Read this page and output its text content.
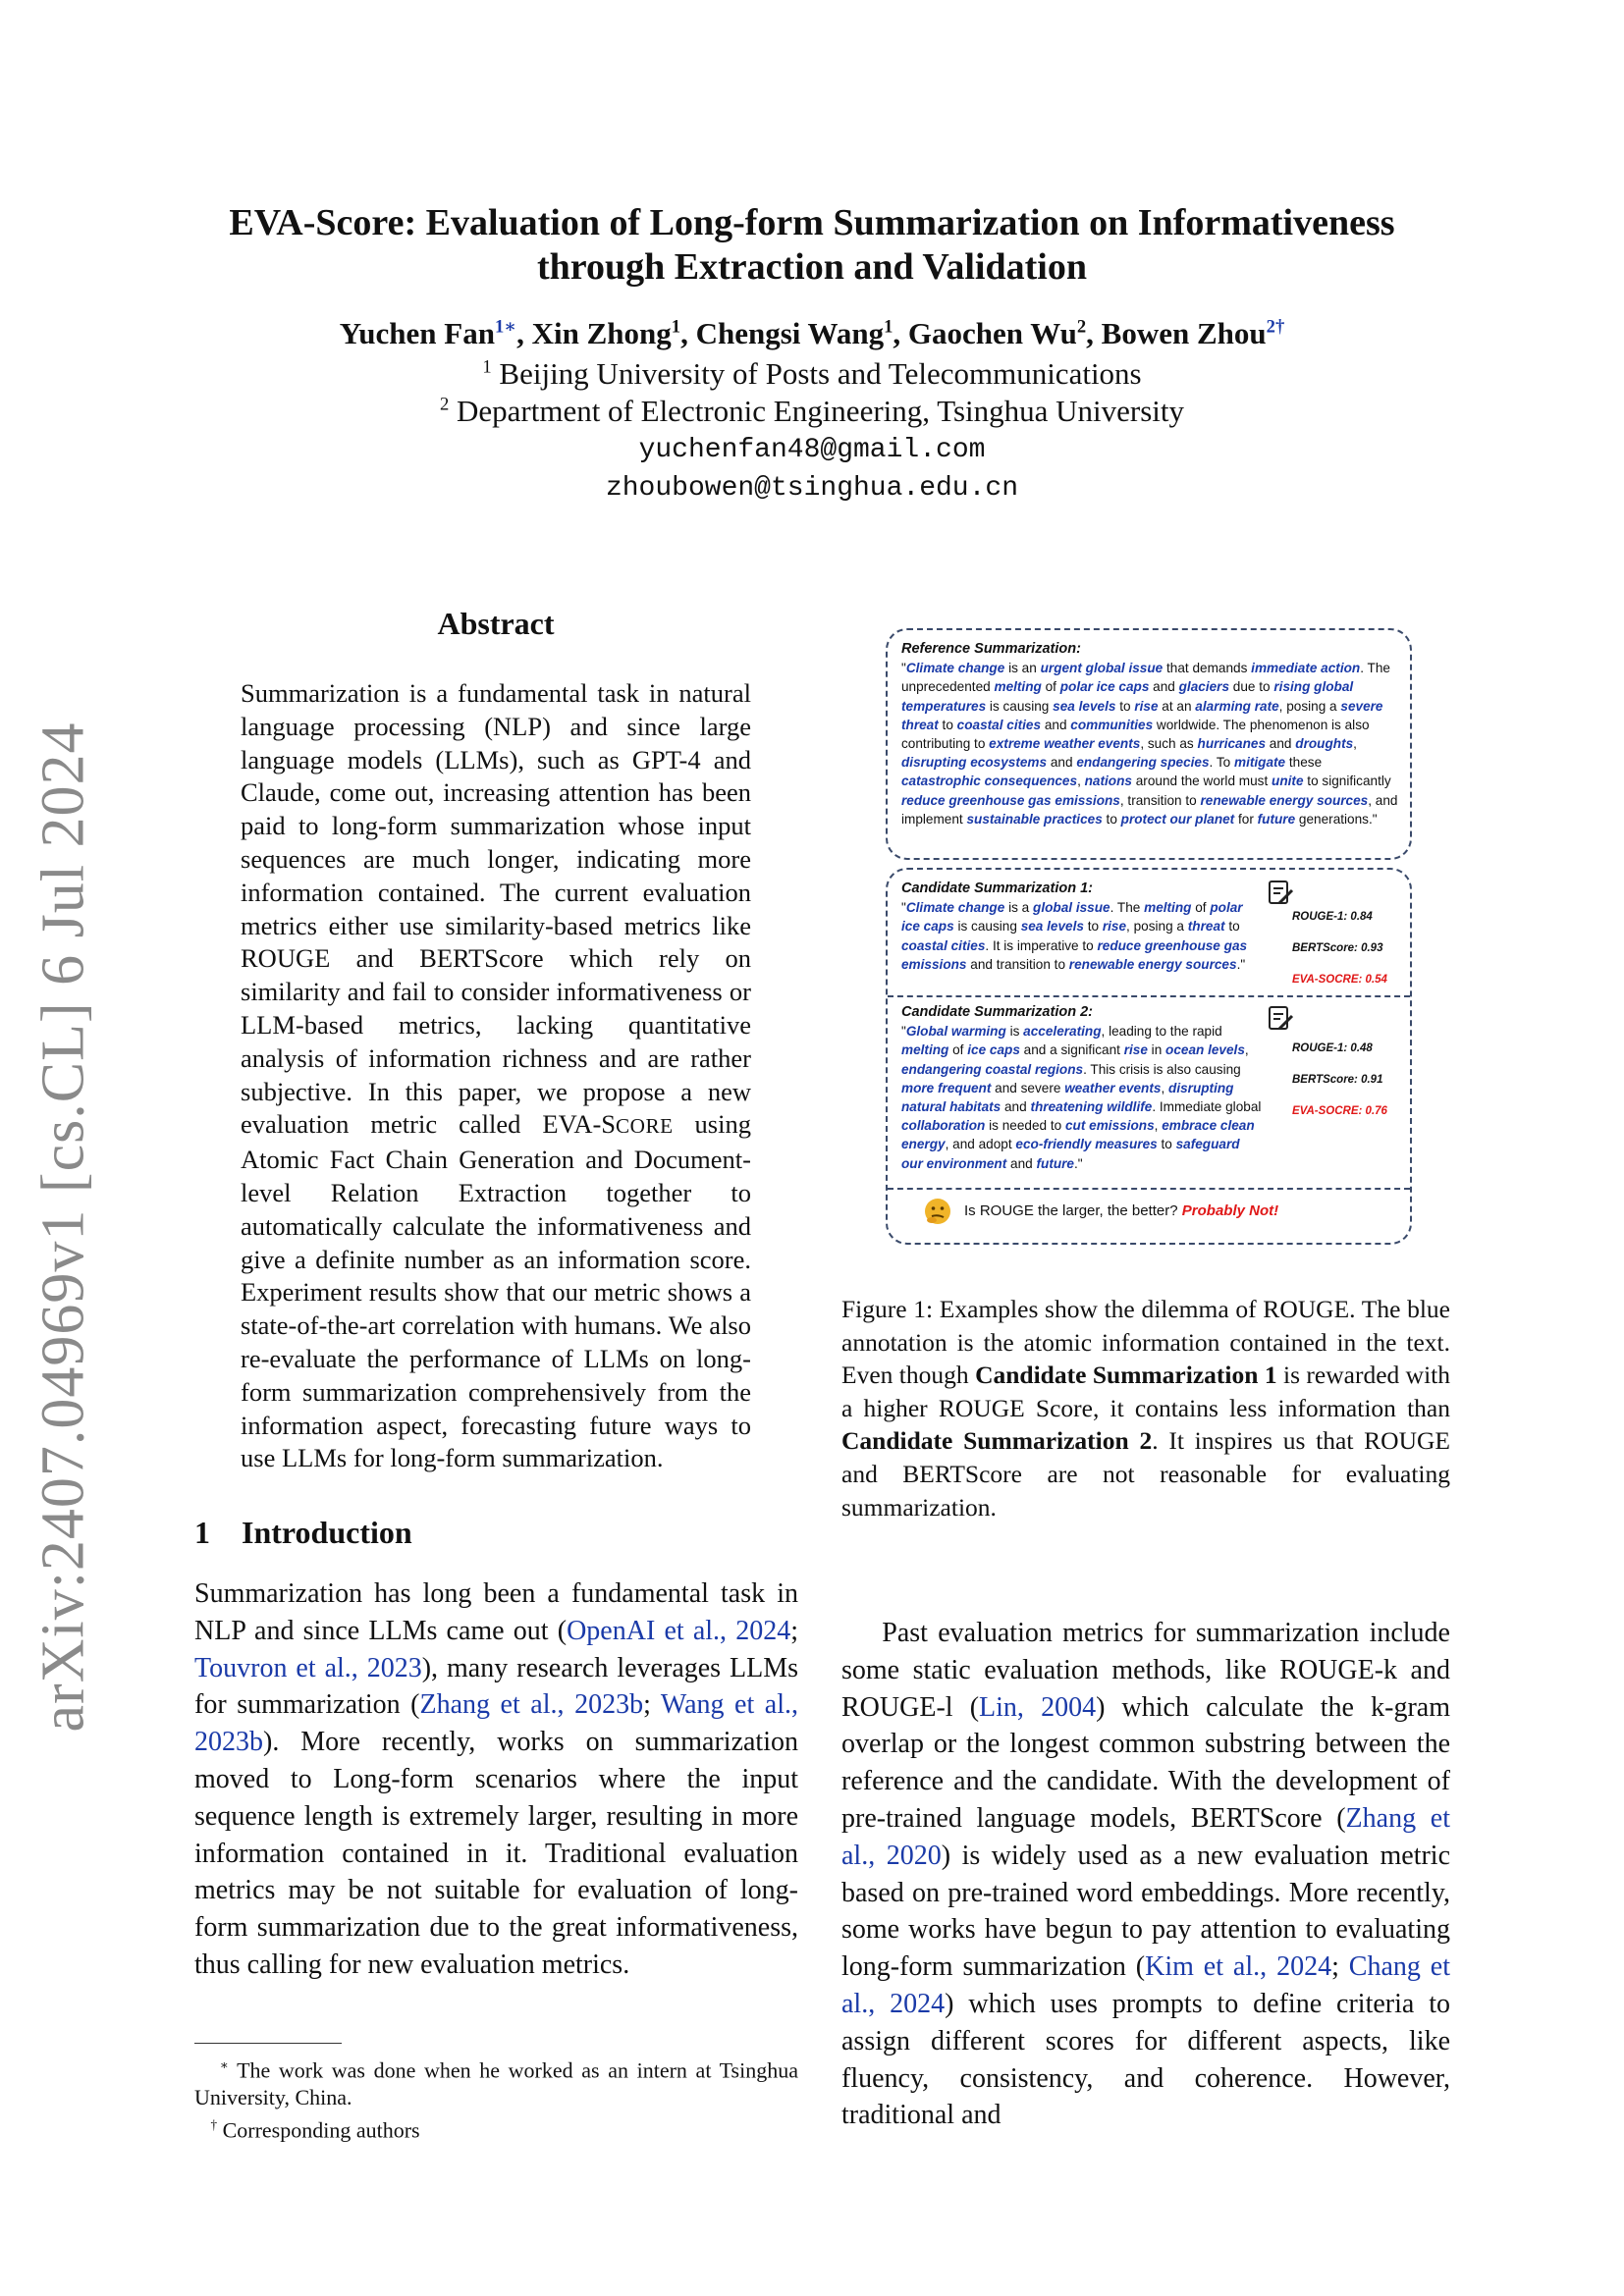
arXiv:2407.04969v1 [cs.CL] 6 Jul 2024
EVA-Score: Evaluation of Long-form Summarization on Informativeness
through Extraction and Validation
Yuchen Fan$^{1∗}$, Xin Zhong$^1$, Chengsi Wang$^1$, Gaochen Wu$^2$, Bowen Zhou$^{2\dagger}$
$^1$ Beijing University of Posts and Telecommunications
$^2$ Department of Electronic Engineering, Tsinghua University
yuchenfan48@gmail.com
zhoubowen@tsinghua.edu.cn
Abstract
Summarization is a fundamental task in natural language processing (NLP) and since large language models (LLMs), such as GPT-4 and Claude, come out, increasing attention has been paid to long-form summarization whose input sequences are much longer, indicating more information contained. The current evaluation metrics either use similarity-based metrics like ROUGE and BERTScore which rely on similarity and fail to consider informativeness or LLM-based metrics, lacking quantitative analysis of information richness and are rather subjective. In this paper, we propose a new evaluation metric called EVA-SCORE using Atomic Fact Chain Generation and Document-level Relation Extraction together to automatically calculate the informativeness and give a definite number as an information score. Experiment results show that our metric shows a state-of-the-art correlation with humans. We also re-evaluate the performance of LLMs on long-form summarization comprehensively from the information aspect, forecasting future ways to use LLMs for long-form summarization.
1 Introduction
Summarization has long been a fundamental task in NLP and since LLMs came out (OpenAI et al., 2024; Touvron et al., 2023), many research leverages LLMs for summarization (Zhang et al., 2023b; Wang et al., 2023b). More recently, works on summarization moved to Long-form scenarios where the input sequence length is extremely larger, resulting in more information contained in it. Traditional evaluation metrics may be not suitable for evaluation of long-form summarization due to the great informativeness, thus calling for new evaluation metrics.
∗ The work was done when he worked as an intern at Tsinghua University, China.
† Corresponding authors
Reference Summarization:
"Climate change is an urgent global issue that demands immediate action. The unprecedented melting of polar ice caps and glaciers due to rising global temperatures is causing sea levels to rise at an alarming rate, posing a severe threat to coastal cities and communities worldwide. The phenomenon is also contributing to extreme weather events, such as hurricanes and droughts, disrupting ecosystems and endangering species. To mitigate these catastrophic consequences, nations around the world must unite to significantly reduce greenhouse gas emissions, transition to renewable energy sources, and implement sustainable practices to protect our planet for future generations."
Candidate Summarization 1:
"Climate change is a global issue. The melting of polar ice caps is causing sea levels to rise, posing a threat to coastal cities. It is imperative to reduce greenhouse gas emissions and transition to renewable energy sources."
ROUGE-1: 0.84
BERTScore: 0.93
EVA-SOCRE: 0.54
Candidate Summarization 2:
"Global warming is accelerating, leading to the rapid melting of ice caps and a significant rise in ocean levels, endangering coastal regions. This crisis is also causing more frequent and severe weather events, disrupting natural habitats and threatening wildlife. Immediate global collaboration is needed to cut emissions, embrace clean energy, and adopt eco-friendly measures to safeguard our environment and future."
ROUGE-1: 0.48
BERTScore: 0.91
EVA-SOCRE: 0.76
Is ROUGE the larger, the better? Probably Not!
Figure 1: Examples show the dilemma of ROUGE. The blue annotation is the atomic information contained in the text. Even though Candidate Summarization 1 is rewarded with a higher ROUGE Score, it contains less information than Candidate Summarization 2. It inspires us that ROUGE and BERTScore are not reasonable for evaluating summarization.
Past evaluation metrics for summarization include some static evaluation methods, like ROUGE-k and ROUGE-l (Lin, 2004) which calculate the k-gram overlap or the longest common substring between the reference and the candidate. With the development of pre-trained language models, BERTScore (Zhang et al., 2020) is widely used as a new evaluation metric based on pre-trained word embeddings. More recently, some works have begun to pay attention to evaluating long-form summarization (Kim et al., 2024; Chang et al., 2024) which uses prompts to define criteria to assign different scores for different aspects, like fluency, consistency, and coherence. However, traditional and
